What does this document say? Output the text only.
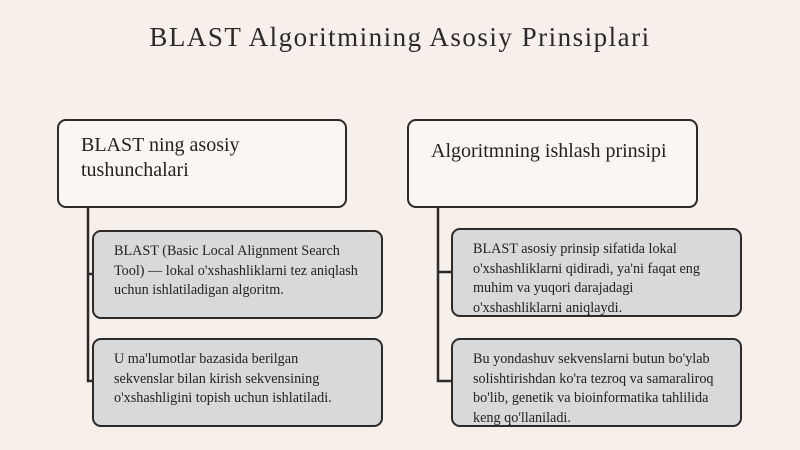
BLAST Algoritmining Asosiy Prinsiplari
BLAST ning asosiy tushunchalari
Algoritmning ishlash prinsipi
BLAST (Basic Local Alignment Search Tool) — lokal o'xshashliklarni tez aniqlash uchun ishlatiladigan algoritm.
U ma'lumotlar bazasida berilgan sekvenslar bilan kirish sekvensining o'xshashligini topish uchun ishlatiladi.
BLAST asosiy prinsip sifatida lokal o'xshashliklarni qidiradi, ya'ni faqat eng muhim va yuqori darajadagi o'xshashliklarni aniqlaydi.
Bu yondashuv sekvenslarni butun bo'ylab solishtirishdan ko'ra tezroq va samaraliroq bo'lib, genetik va bioinformatika tahlilida keng qo'llaniladi.
